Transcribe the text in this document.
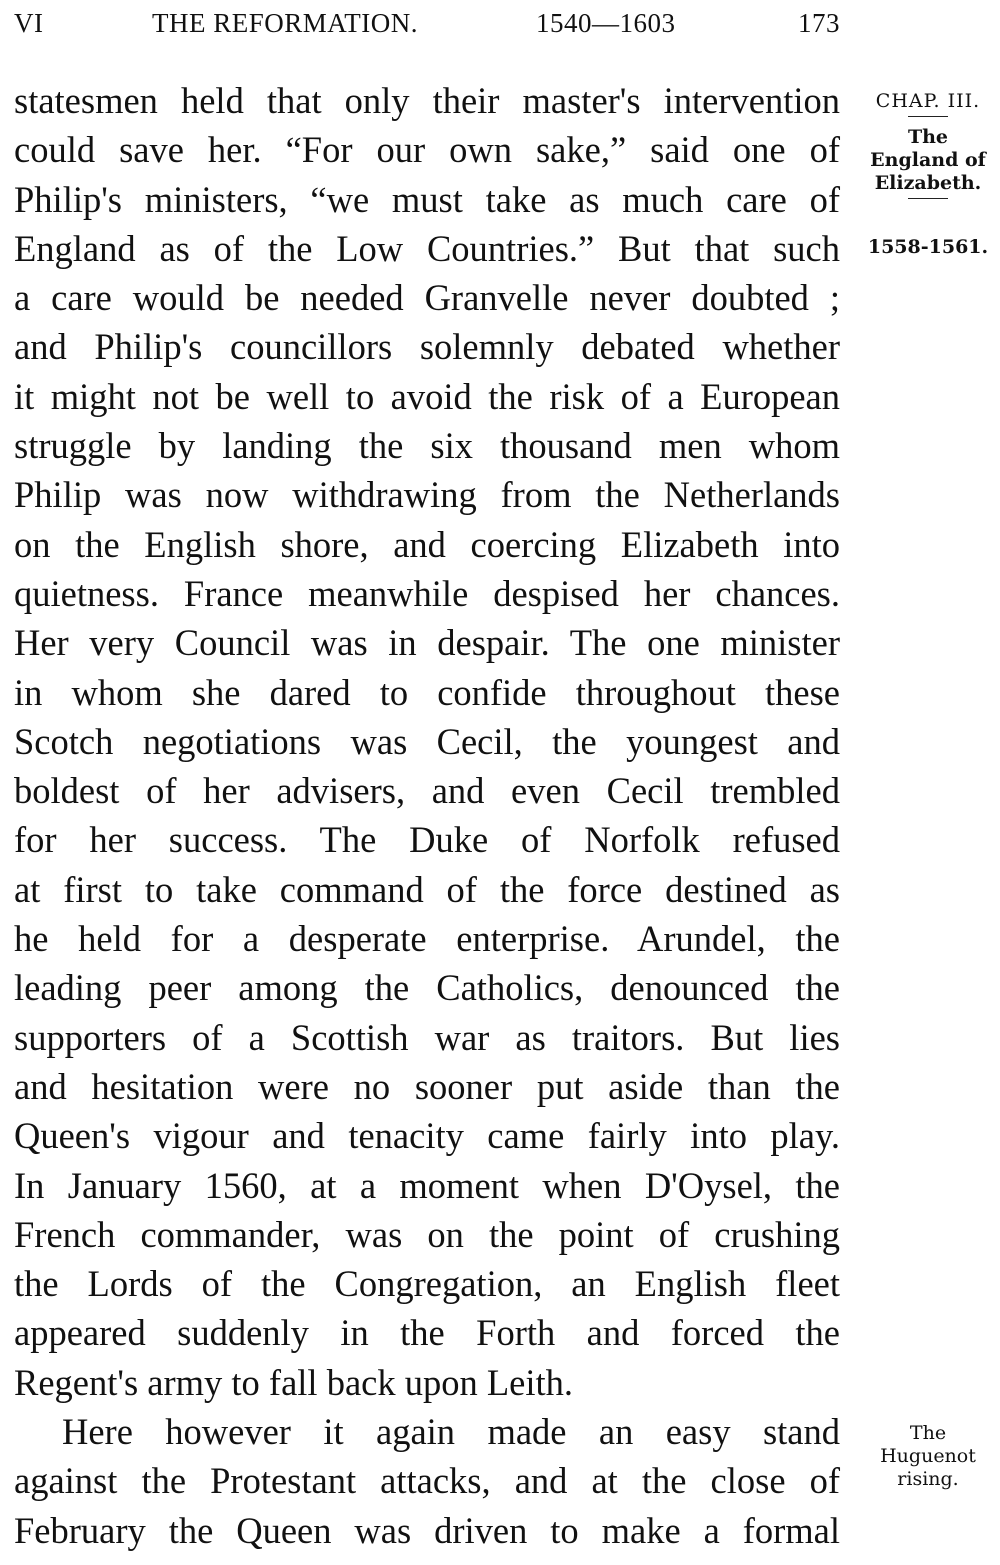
VI	THE REFORMATION.	1540—1603	173

statesmen held that only their master's intervention
could save her. “For our own sake,” said one of
Philip's ministers, “we must take as much care of
England as of the Low Countries.” But that such
a care would be needed Granvelle never doubted ;
and Philip's councillors solemnly debated whether
it might not be well to avoid the risk of a European
struggle by landing the six thousand men whom
Philip was now withdrawing from the Netherlands
on the English shore, and coercing Elizabeth into
quietness. France meanwhile despised her chances.
Her very Council was in despair. The one minister
in whom she dared to confide throughout these
Scotch negotiations was Cecil, the youngest and
boldest of her advisers, and even Cecil trembled
for her success. The Duke of Norfolk refused
at first to take command of the force destined as
he held for a desperate enterprise. Arundel, the
leading peer among the Catholics, denounced the
supporters of a Scottish war as traitors. But lies
and hesitation were no sooner put aside than the
Queen's vigour and tenacity came fairly into play.
In January 1560, at a moment when D'Oysel, the
French commander, was on the point of crushing
the Lords of the Congregation, an English fleet
appeared suddenly in the Forth and forced the
Regent's army to fall back upon Leith.

Here however it again made an easy stand
against the Protestant attacks, and at the close of
February the Queen was driven to make a formal

CHAP. III.
The
England of
Elizabeth.
1558-1561.
The
Huguenot
rising.
